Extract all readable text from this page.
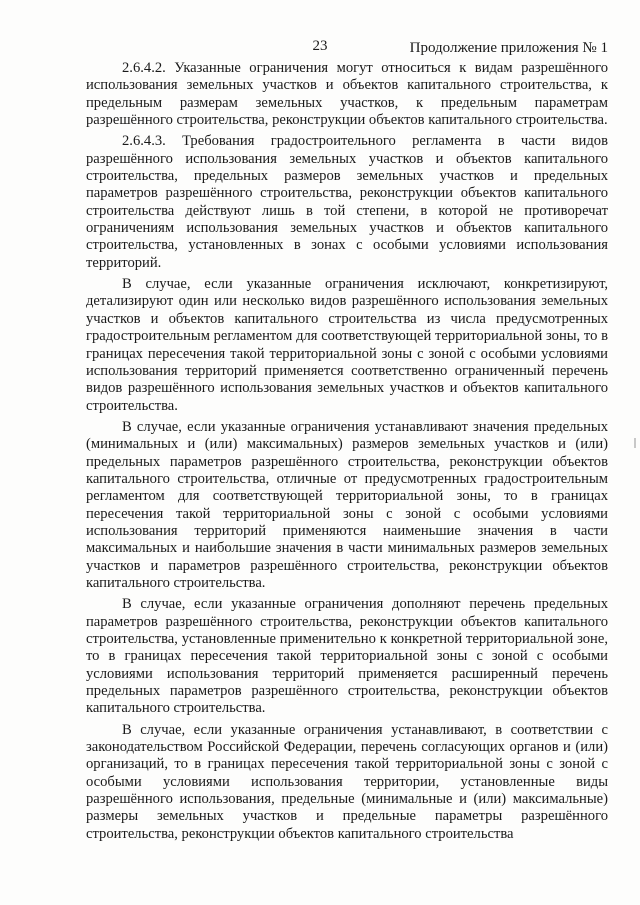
23	Продолжение приложения № 1

2.6.4.2. Указанные ограничения могут относиться к видам разрешённого использования земельных участков и объектов капитального строительства, к предельным размерам земельных участков, к предельным параметрам разрешённого строительства, реконструкции объектов капитального строительства.

2.6.4.3. Требования градостроительного регламента в части видов разрешённого использования земельных участков и объектов капитального строительства, предельных размеров земельных участков и предельных параметров разрешённого строительства, реконструкции объектов капитального строительства действуют лишь в той степени, в которой не противоречат ограничениям использования земельных участков и объектов капитального строительства, установленных в зонах с особыми условиями использования территорий.

В случае, если указанные ограничения исключают, конкретизируют, детализируют один или несколько видов разрешённого использования земельных участков и объектов капитального строительства из числа предусмотренных градостроительным регламентом для соответствующей территориальной зоны, то в границах пересечения такой территориальной зоны с зоной с особыми условиями использования территорий применяется соответственно ограниченный перечень видов разрешённого использования земельных участков и объектов капитального строительства.

В случае, если указанные ограничения устанавливают значения предельных (минимальных и (или) максимальных) размеров земельных участков и (или) предельных параметров разрешённого строительства, реконструкции объектов капитального строительства, отличные от предусмотренных градостроительным регламентом для соответствующей территориальной зоны, то в границах пересечения такой территориальной зоны с зоной с особыми условиями использования территорий применяются наименьшие значения в части максимальных и наибольшие значения в части минимальных размеров земельных участков и параметров разрешённого строительства, реконструкции объектов капитального строительства.

В случае, если указанные ограничения дополняют перечень предельных параметров разрешённого строительства, реконструкции объектов капитального строительства, установленные применительно к конкретной территориальной зоне, то в границах пересечения такой территориальной зоны с зоной с особыми условиями использования территорий применяется расширенный перечень предельных параметров разрешённого строительства, реконструкции объектов капитального строительства.

В случае, если указанные ограничения устанавливают, в соответствии с законодательством Российской Федерации, перечень согласующих органов и (или) организаций, то в границах пересечения такой территориальной зоны с зоной с особыми условиями использования территории, установленные виды разрешённого использования, предельные (минимальные и (или) максимальные) размеры земельных участков и предельные параметры разрешённого строительства, реконструкции объектов капитального строительства
